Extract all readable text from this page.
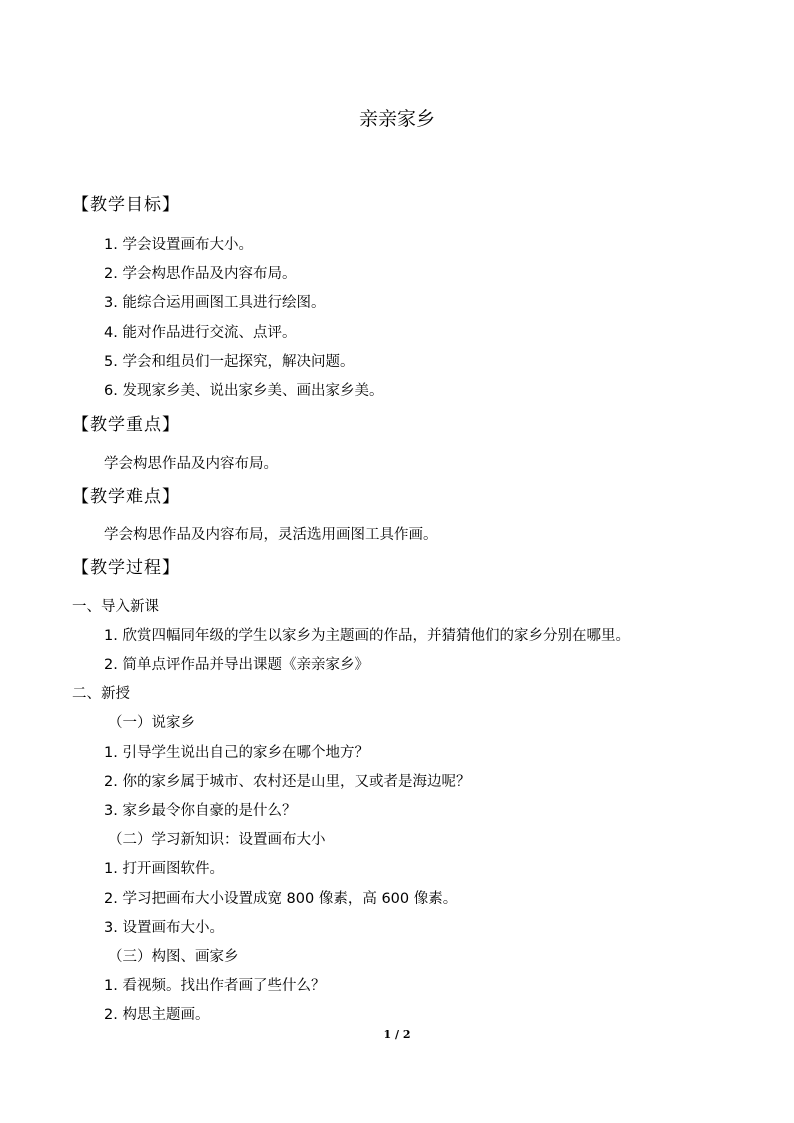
亲亲家乡
【教学目标】
1. 学会设置画布大小。
2. 学会构思作品及内容布局。
3. 能综合运用画图工具进行绘图。
4. 能对作品进行交流、点评。
5. 学会和组员们一起探究，解决问题。
6. 发现家乡美、说出家乡美、画出家乡美。
【教学重点】
学会构思作品及内容布局。
【教学难点】
学会构思作品及内容布局，灵活选用画图工具作画。
【教学过程】
一、导入新课
1. 欣赏四幅同年级的学生以家乡为主题画的作品，并猜猜他们的家乡分别在哪里。
2. 简单点评作品并导出课题《亲亲家乡》
二、新授
（一）说家乡
1. 引导学生说出自己的家乡在哪个地方？
2. 你的家乡属于城市、农村还是山里，又或者是海边呢？
3. 家乡最令你自豪的是什么？
（二）学习新知识：设置画布大小
1. 打开画图软件。
2. 学习把画布大小设置成宽 800 像素，高 600 像素。
3. 设置画布大小。
（三）构图、画家乡
1. 看视频。找出作者画了些什么？
2. 构思主题画。
1 / 2
